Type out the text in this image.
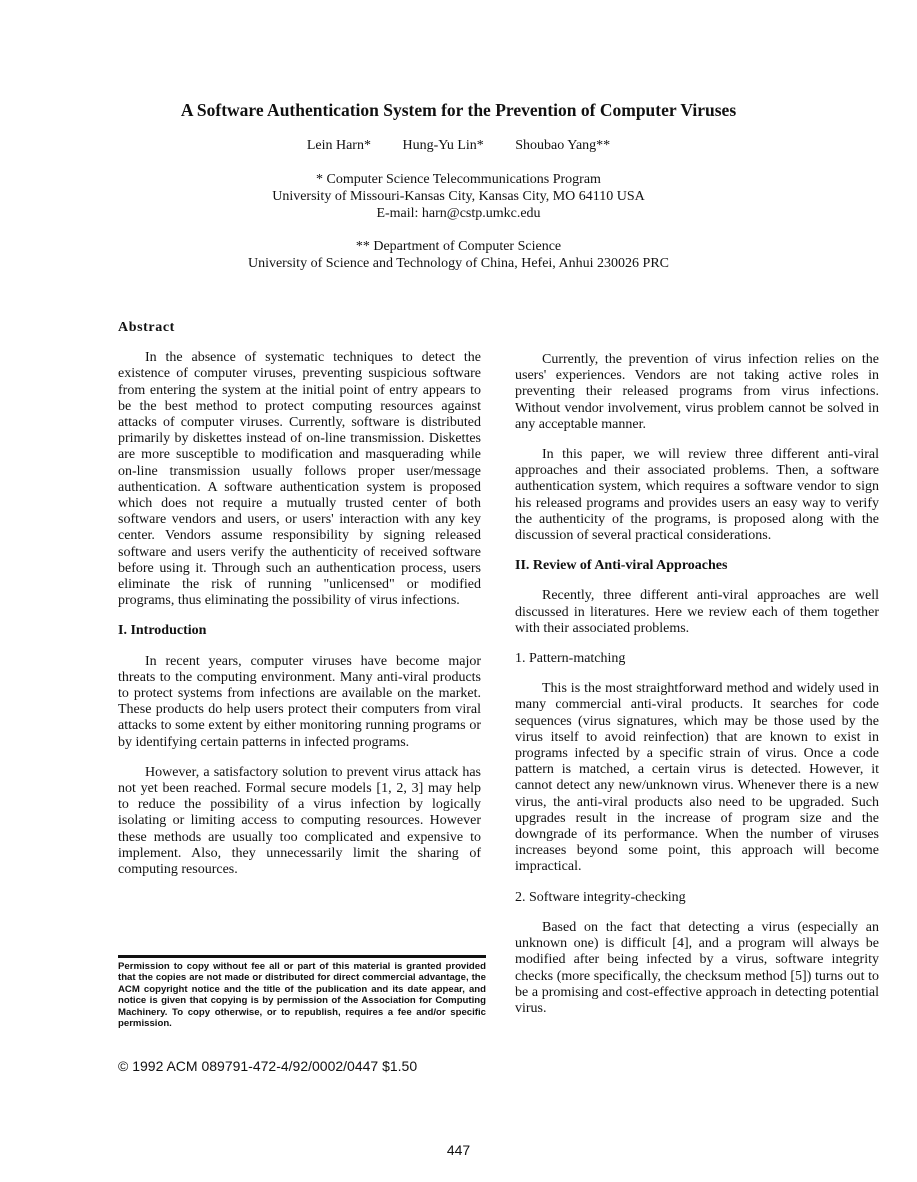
A Software Authentication System for the Prevention of Computer Viruses
Lein Harn* Hung-Yu Lin* Shoubao Yang**
* Computer Science Telecommunications Program
University of Missouri-Kansas City, Kansas City, MO 64110 USA
E-mail: harn@cstp.umkc.edu
** Department of Computer Science
University of Science and Technology of China, Hefei, Anhui 230026 PRC
Abstract

In the absence of systematic techniques to detect the existence of computer viruses, preventing suspicious software from entering the system at the initial point of entry appears to be the best method to protect computing resources against attacks of computer viruses. Currently, software is distributed primarily by diskettes instead of on-line transmission. Diskettes are more susceptible to modification and masquerading while on-line transmission usually follows proper user/message authentication. A software authentication system is proposed which does not require a mutually trusted center of both software vendors and users, or users' interaction with any key center. Vendors assume responsibility by signing released software and users verify the authenticity of received software before using it. Through such an authentication process, users eliminate the risk of running "unlicensed" or modified programs, thus eliminating the possibility of virus infections.

I. Introduction

In recent years, computer viruses have become major threats to the computing environment. Many anti-viral products to protect systems from infections are available on the market. These products do help users protect their computers from viral attacks to some extent by either monitoring running programs or by identifying certain patterns in infected programs.

However, a satisfactory solution to prevent virus attack has not yet been reached. Formal secure models [1, 2, 3] may help to reduce the possibility of a virus infection by logically isolating or limiting access to computing resources. However these methods are usually too complicated and expensive to implement. Also, they unnecessarily limit the sharing of computing resources.

Permission to copy without fee all or part of this material is granted provided that the copies are not made or distributed for direct commercial advantage, the ACM copyright notice and the title of the publication and its date appear, and notice is given that copying is by permission of the Association for Computing Machinery. To copy otherwise, or to republish, requires a fee and/or specific permission.
© 1992 ACM 089791-472-4/92/0002/0447 $1.50

Currently, the prevention of virus infection relies on the users' experiences. Vendors are not taking active roles in preventing their released programs from virus infections. Without vendor involvement, virus problem cannot be solved in any acceptable manner.

In this paper, we will review three different anti-viral approaches and their associated problems. Then, a software authentication system, which requires a software vendor to sign his released programs and provides users an easy way to verify the authenticity of the programs, is proposed along with the discussion of several practical considerations.

II. Review of Anti-viral Approaches

Recently, three different anti-viral approaches are well discussed in literatures. Here we review each of them together with their associated problems.

1. Pattern-matching

This is the most straightforward method and widely used in many commercial anti-viral products. It searches for code sequences (virus signatures, which may be those used by the virus itself to avoid reinfection) that are known to exist in programs infected by a specific strain of virus. Once a code pattern is matched, a certain virus is detected. However, it cannot detect any new/unknown virus. Whenever there is a new virus, the anti-viral products also need to be upgraded. Such upgrades result in the increase of program size and the downgrade of its performance. When the number of viruses increases beyond some point, this approach will become impractical.

2. Software integrity-checking

Based on the fact that detecting a virus (especially an unknown one) is difficult [4], and a program will always be modified after being infected by a virus, software integrity checks (more specifically, the checksum method [5]) turns out to be a promising and cost-effective approach in detecting potential virus.

447
